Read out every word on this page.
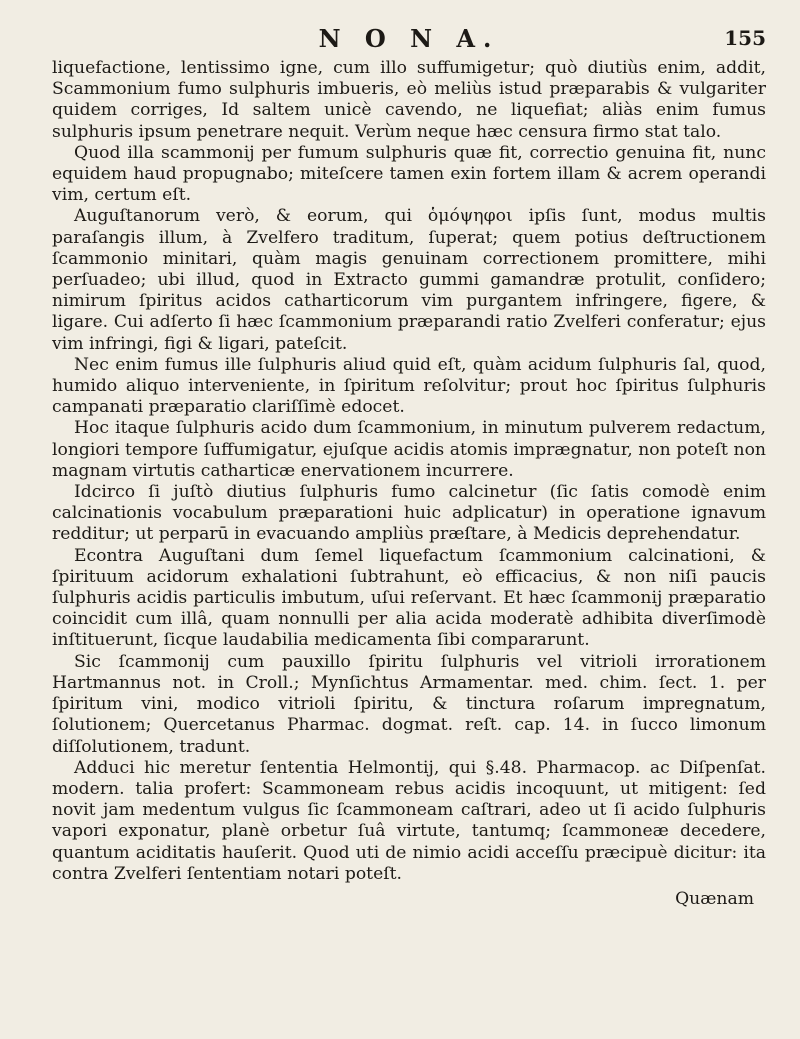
N O N A.	155

liquefactione, lentissimo igne, cum illo suffumigetur; quò diutiùs enim, addit, Scammonium fumo sulphuris imbueris, eò meliùs istud præparabis & vulgariter quidem corriges, Id saltem unicè cavendo, ne liquefiat; aliàs enim fumus sulphuris ipsum penetrare nequit. Verùm neque hæc censura firmo stat talo.

Quod illa scammonij per fumum sulphuris quæ fit, correctio genuina fit, nunc equidem haud propugnabo; miteſcere tamen exin fortem illam & acrem operandi vim, certum eſt.

Auguſtanorum verò, & eorum, qui ὁμόψηφοι ipſis ſunt, modus multis paraſangis illum, à Zvelfero traditum, ſuperat; quem potius deſtructionem ſcammonio minitari, quàm magis genuinam correctionem promittere, mihi perſuadeo; ubi illud, quod in Extracto gummi gamandræ protulit, conſidero; nimirum ſpiritus acidos catharticorum vim purgantem infringere, figere, & ligare. Cui adſerto ſi hæc ſcammonium præparandi ratio Zvelferi conferatur; ejus vim infringi, figi & ligari, pateſcit.

Nec enim fumus ille ſulphuris aliud quid eſt, quàm acidum ſulphuris ſal, quod, humido aliquo interveniente, in ſpiritum reſolvitur; prout hoc ſpiritus ſulphuris campanati præparatio clariſſimè edocet.

Hoc itaque ſulphuris acido dum ſcammonium, in minutum pulverem redactum, longiori tempore ſuffumigatur, ejuſque acidis atomis imprægnatur, non poteſt non magnam virtutis catharticæ enervationem incurrere.

Idcirco ſi juſtò diutius ſulphuris fumo calcinetur (ſic ſatis comodè enim calcinationis vocabulum præparationi huic adplicatur) in operatione ignavum redditur; ut perparū in evacuando ampliùs præſtare, à Medicis deprehendatur.

Econtra Auguſtani dum ſemel liquefactum ſcammonium calcinationi, & ſpirituum acidorum exhalationi ſubtrahunt, eò efficacius, & non niſi paucis ſulphuris acidis particulis imbutum, uſui reſervant. Et hæc ſcammonij præparatio coincidit cum illâ, quam nonnulli per alia acida moderatè adhibita diverſimodè inſtituerunt, ſicque laudabilia medicamenta ſibi compararunt.

Sic ſcammonij cum pauxillo ſpiritu ſulphuris vel vitrioli irrorationem Hartmannus not. in Croll.; Mynſichtus Armamentar. med. chim. ſect. 1. per ſpiritum vini, modico vitrioli ſpiritu, & tinctura roſarum impregnatum, ſolutionem; Quercetanus Pharmac. dogmat. reſt. cap. 14. in ſucco limonum diſſolutionem, tradunt.

Adduci hic meretur ſententia Helmontij, qui §.48. Pharmacop. ac Diſpenſat. modern. talia profert: Scammoneam rebus acidis incoquunt, ut mitigent: ſed novit jam medentum vulgus ſic ſcammoneam caſtrari, adeo ut ſi acido ſulphuris vapori exponatur, planè orbetur ſuâ virtute, tantumq; ſcammoneæ decedere, quantum aciditatis hauſerit. Quod uti de nimio acidi acceſſu præcipuè dicitur: ita contra Zvelferi ſententiam notari poteſt.

Quænam
